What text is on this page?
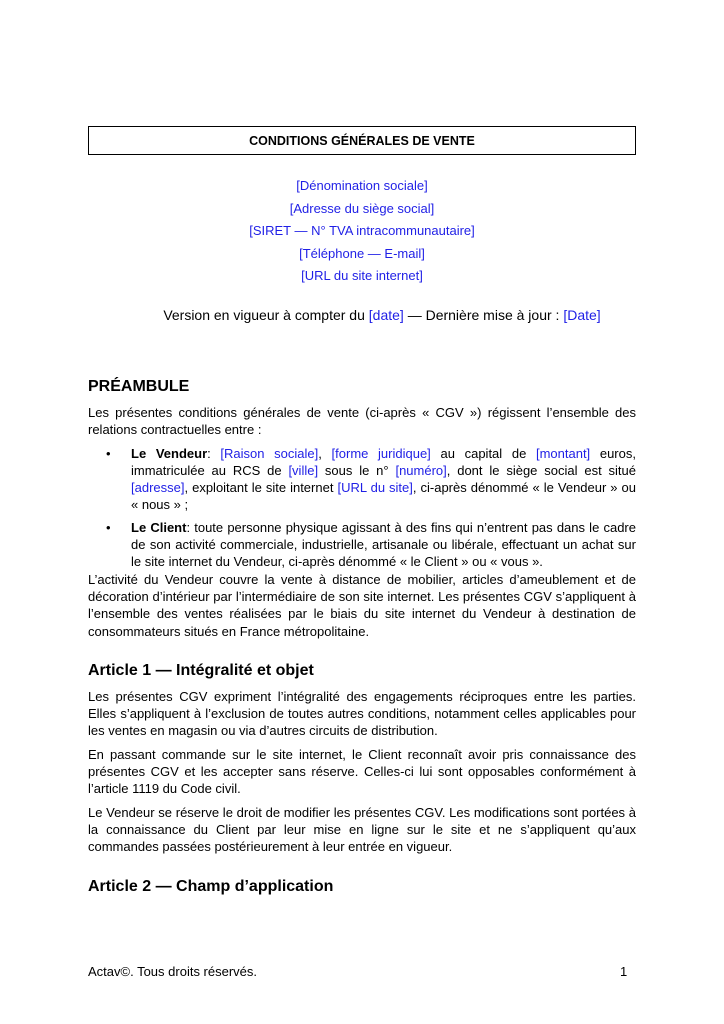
CONDITIONS GÉNÉRALES DE VENTE
[Dénomination sociale]
[Adresse du siège social]
[SIRET — N° TVA intracommunautaire]
[Téléphone — E-mail]
[URL du site internet]
Version en vigueur à compter du [date] — Dernière mise à jour : [Date]
PRÉAMBULE

Les présentes conditions générales de vente (ci-après « CGV ») régissent l’ensemble des relations contractuelles entre :

• Le Vendeur: [Raison sociale], [forme juridique] au capital de [montant] euros, immatriculée au RCS de [ville] sous le n° [numéro], dont le siège social est situé [adresse], exploitant le site internet [URL du site], ci-après dénommé « le Vendeur » ou « nous » ;
• Le Client: toute personne physique agissant à des fins qui n’entrent pas dans le cadre de son activité commerciale, industrielle, artisanale ou libérale, effectuant un achat sur le site internet du Vendeur, ci-après dénommé « le Client » ou « vous ».

L’activité du Vendeur couvre la vente à distance de mobilier, articles d’ameublement et de décoration d’intérieur par l’intermédiaire de son site internet. Les présentes CGV s’appliquent à l’ensemble des ventes réalisées par le biais du site internet du Vendeur à destination de consommateurs situés en France métropolitaine.

Article 1 — Intégralité et objet

Les présentes CGV expriment l’intégralité des engagements réciproques entre les parties. Elles s’appliquent à l’exclusion de toutes autres conditions, notamment celles applicables pour les ventes en magasin ou via d’autres circuits de distribution.

En passant commande sur le site internet, le Client reconnaît avoir pris connaissance des présentes CGV et les accepter sans réserve. Celles-ci lui sont opposables conformément à l’article 1119 du Code civil.

Le Vendeur se réserve le droit de modifier les présentes CGV. Les modifications sont portées à la connaissance du Client par leur mise en ligne sur le site et ne s’appliquent qu’aux commandes passées postérieurement à leur entrée en vigueur.

Article 2 — Champ d’application
Actav©. Tous droits réservés.	1
